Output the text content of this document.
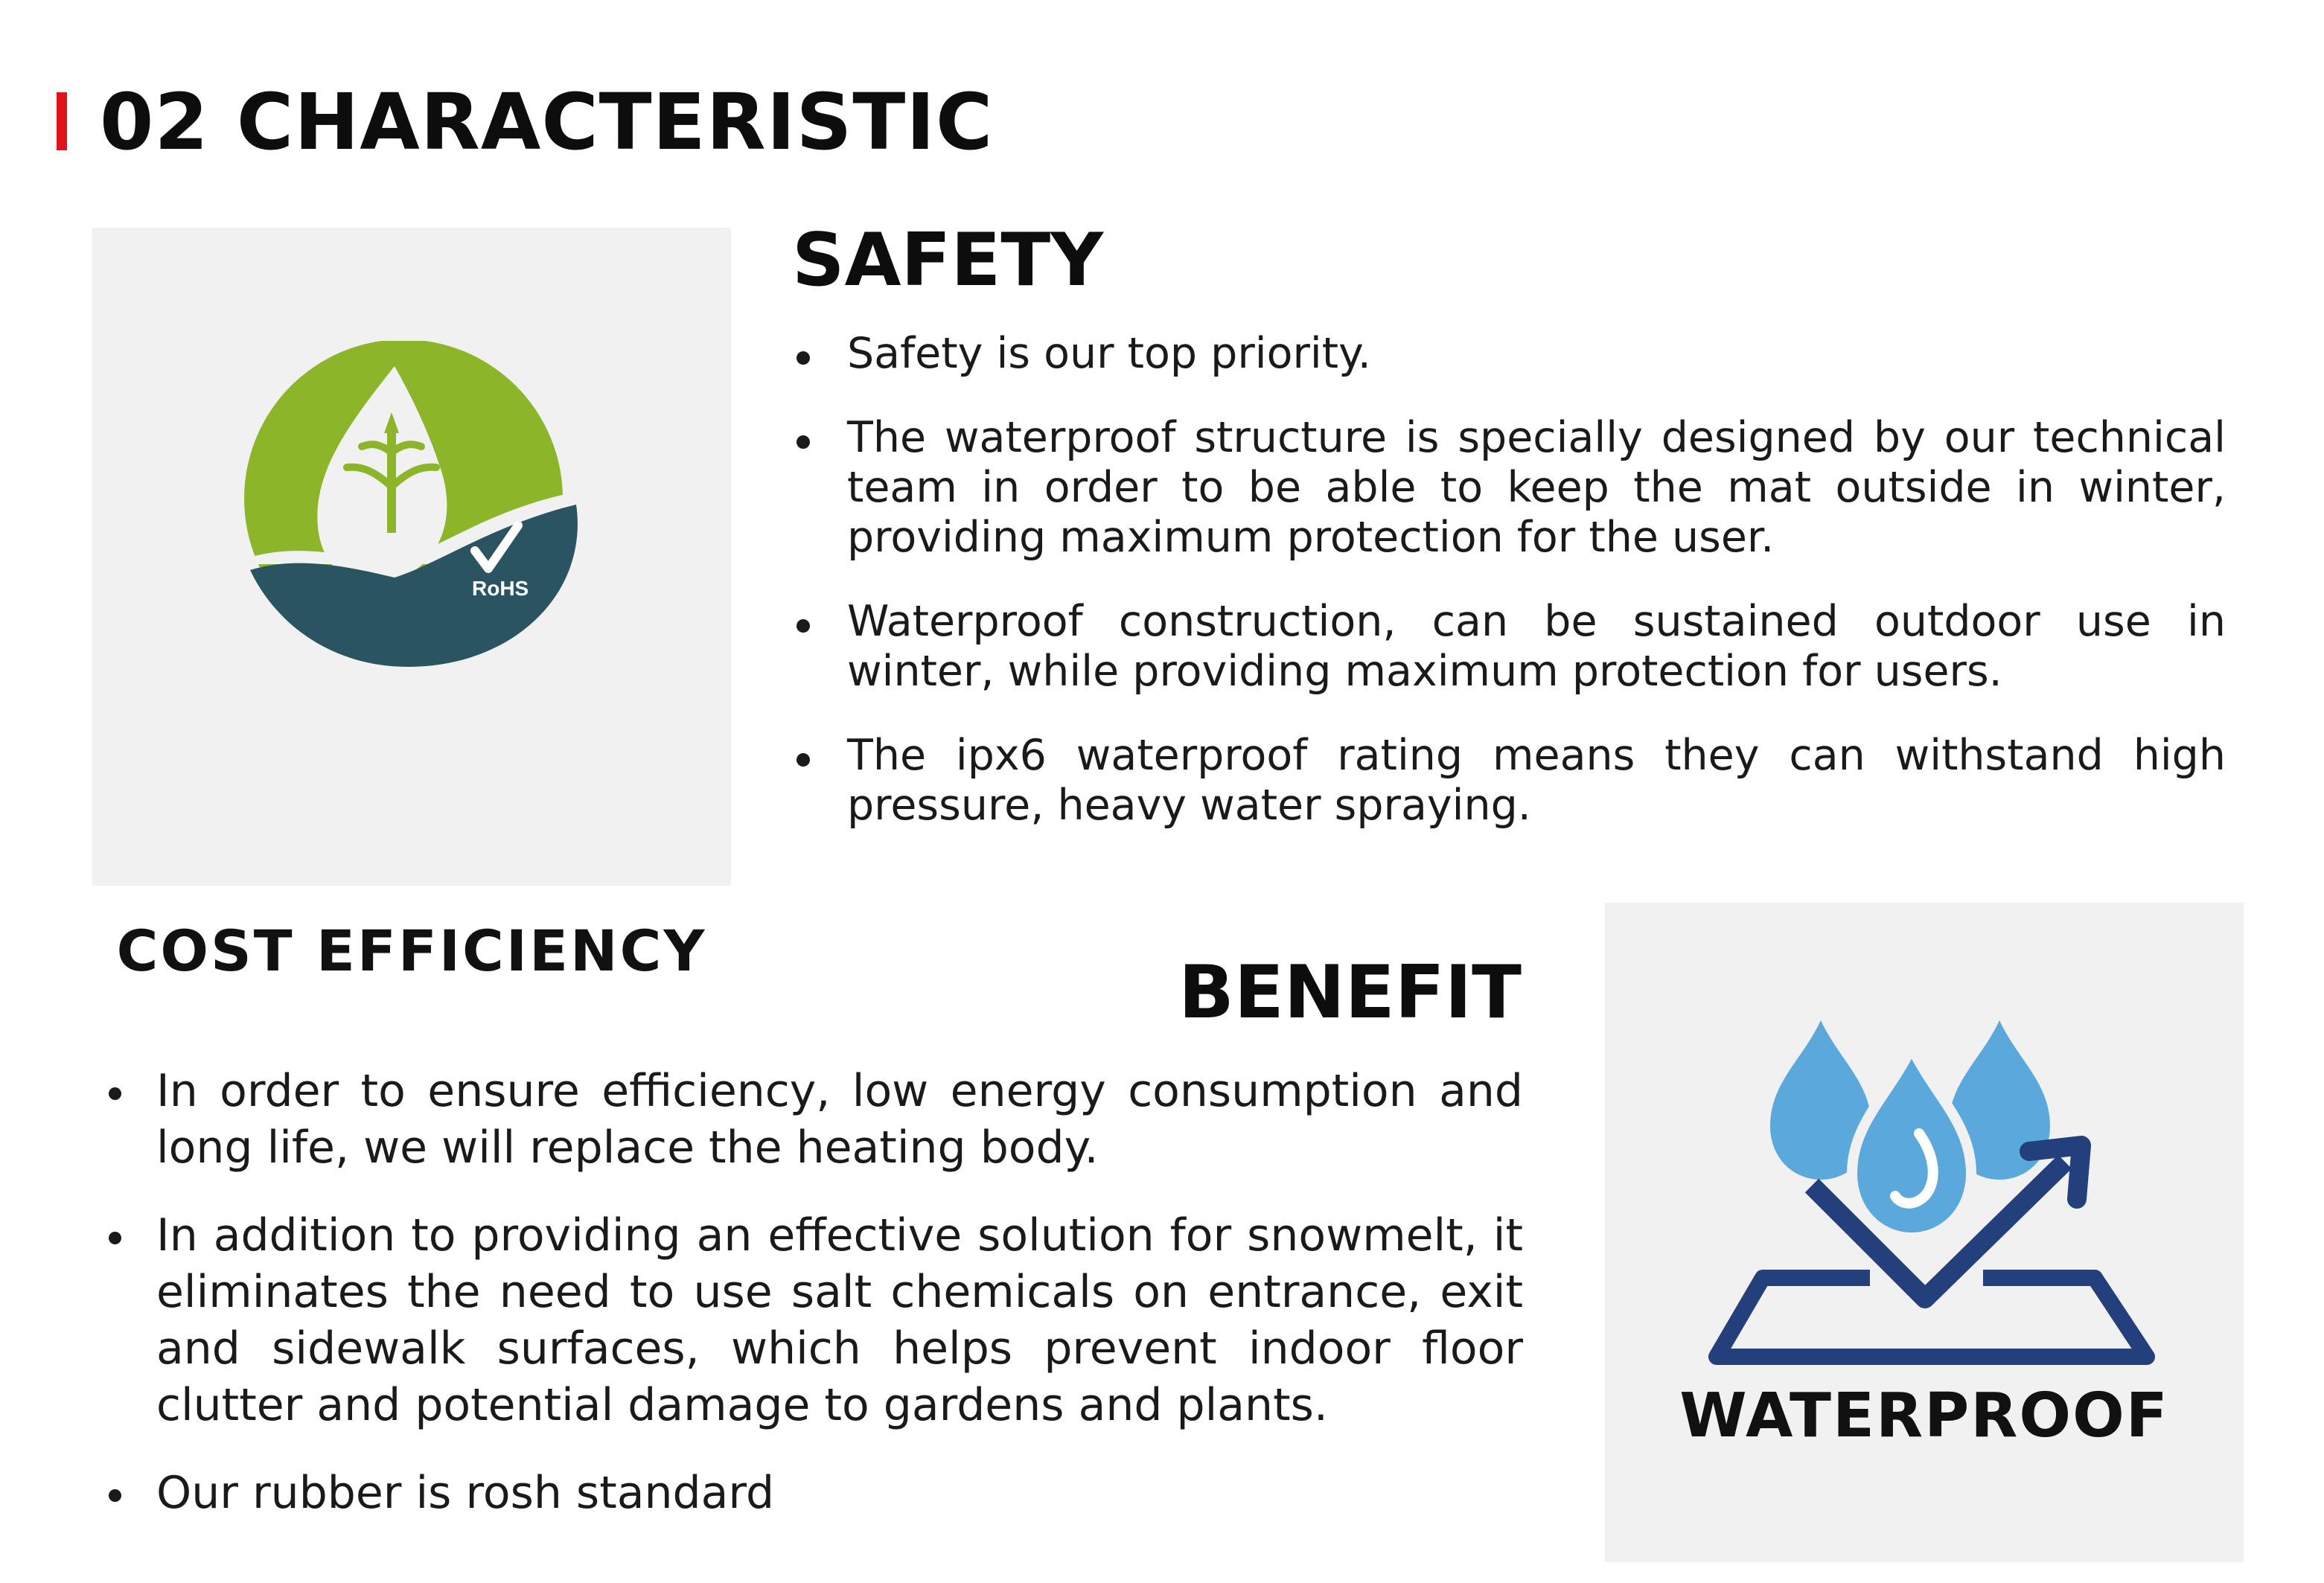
02 CHARACTERISTIC
RoHS

COST EFFICIENCY

SAFETY
Safety is our top priority.
The waterproof structure is specially designed by our technical team in order to be able to keep the mat outside in winter, providing maximum protection for the user.
Waterproof construction, can be sustained outdoor use in winter, while providing maximum protection for users.
The ipx6 waterproof rating means they can withstand high pressure, heavy water spraying.
BENEFIT
In order to ensure efficiency, low energy consumption and long life, we will replace the heating body.
In addition to providing an effective solution for snowmelt, it eliminates the need to use salt chemicals on entrance, exit and sidewalk surfaces, which helps prevent indoor floor clutter and potential damage to gardens and plants.
Our rubber is rosh standard

WATERPROOF
